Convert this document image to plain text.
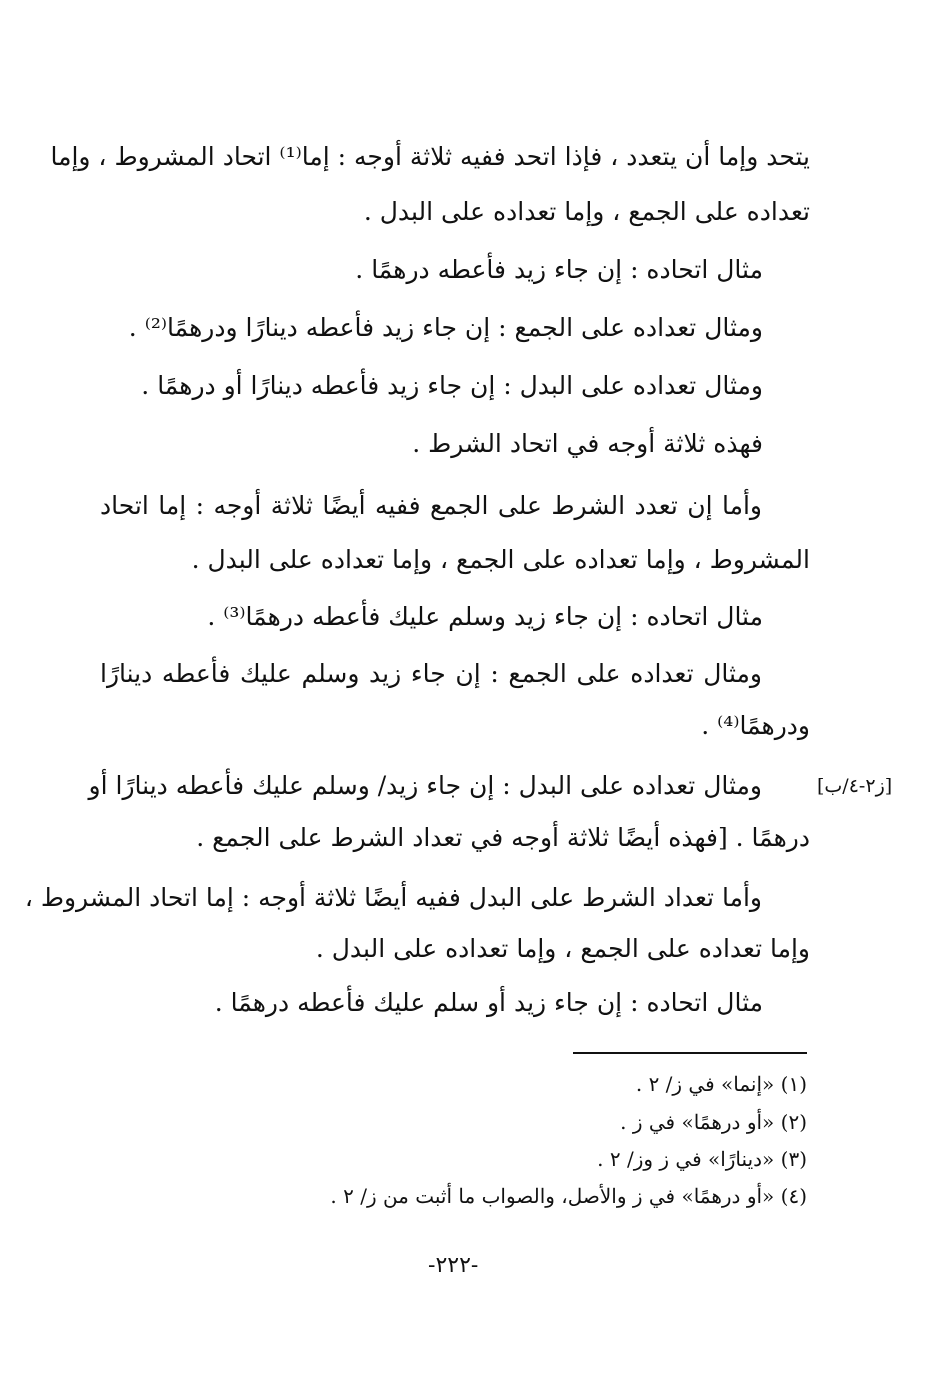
يتحد وإما أن يتعدد ، فإذا اتحد ففيه ثلاثة أوجه : إما⁽¹⁾ اتحاد المشروط ، وإما
تعداده على الجمع ، وإما تعداده على البدل .
مثال اتحاده : إن جاء زيد فأعطه درهمًا .
ومثال تعداده على الجمع : إن جاء زيد فأعطه دينارًا ودرهمًا⁽²⁾ .
ومثال تعداده على البدل : إن جاء زيد فأعطه دينارًا أو درهمًا .
فهذه ثلاثة أوجه في اتحاد الشرط .
وأما إن تعدد الشرط على الجمع ففيه أيضًا ثلاثة أوجه : إما اتحاد
المشروط ، وإما تعداده على الجمع ، وإما تعداده على البدل .
مثال اتحاده : إن جاء زيد وسلم عليك فأعطه درهمًا⁽³⁾ .
ومثال تعداده على الجمع : إن جاء زيد وسلم عليك فأعطه دينارًا
ودرهمًا⁽⁴⁾ .
[ز٢-٤/ب]
ومثال تعداده على البدل : إن جاء زيد/ وسلم عليك فأعطه دينارًا أو
درهمًا . [فهذه أيضًا ثلاثة أوجه في تعداد الشرط على الجمع .
وأما تعداد الشرط على البدل ففيه أيضًا ثلاثة أوجه : إما اتحاد المشروط ،
وإما تعداده على الجمع ، وإما تعداده على البدل .
مثال اتحاده : إن جاء زيد أو سلم عليك فأعطه درهمًا .
(١) «إنما» في ز/ ٢ .
(٢) «أو درهمًا» في ز .
(٣) «دينارًا» في ز وز/ ٢ .
(٤) «أو درهمًا» في ز والأصل، والصواب ما أثبت من ز/ ٢ .
-٢٢٢-
